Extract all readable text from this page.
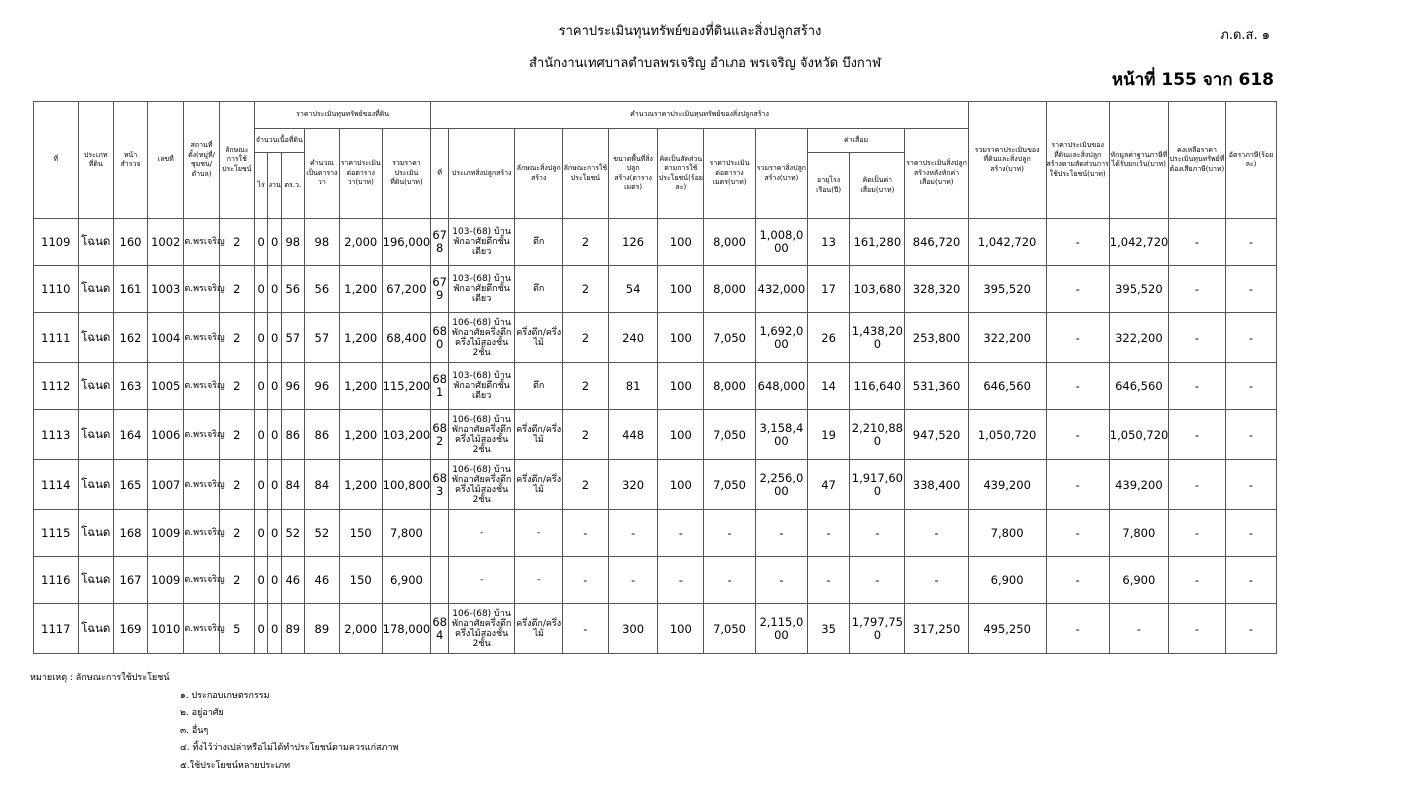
ราคาประเมินทุนทรัพย์ของที่ดินและสิ่งปลูกสร้าง
สำนักงานเทศบาลตำบลพรเจริญ อำเภอ พรเจริญ จังหวัด บึงกาฬ
ภ.ด.ส. ๑
หน้าที่ 155 จาก 618
ที่	ประเภทที่ดิน	หน้าสำรวจ	เลขที่	สถานที่ตั้ง(หมู่ที่/ชุมชน/ตำบล)	ลักษณะการใช้ประโยชน์	ราคาประเมินทุนทรัพย์ของที่ดิน						คำนวณราคาประเมินทุนทรัพย์ของสิ่งปลูกสร้าง											รวมราคาประเมินของที่ดินและสิ่งปลูกสร้าง(บาท)	ราคาประเมินของที่ดินและสิ่งปลูกสร้างตามสัดส่วนการใช้ประโยชน์(บาท)	หักมูลค่าฐานภาษีที่ได้รับยกเว้น(บาท)	คงเหลือราคาประเมินทุนทรัพย์ที่ต้องเสียภาษี(บาท)	อัตราภาษี(ร้อยละ)
						จำนวนเนื้อที่ดิน			คำนวณเป็นตารางวา	ราคาประเมินต่อตารางวา(บาท)	รวมราคาประเมินที่ดิน(บาท)	ที่	ประเภทสิ่งปลูกสร้าง	ลักษณะสิ่งปลูกสร้าง	ลักษณะการใช้ประโยชน์	ขนาดพื้นที่สิ่งปลูกสร้าง(ตารางเมตร)	คิดเป็นสัดส่วนตามการใช้ประโยชน์(ร้อยละ)	ราคาประเมินต่อตารางเมตร(บาท)	รวมราคาสิ่งปลูกสร้าง(บาท)	ค่าเสื่อม		ราคาประเมินสิ่งปลูกสร้างหลังหักค่าเสื่อม(บาท)					
						ไร่	งาน	ตร.ว.												อายุโรงเรือน(ปี)	คิดเป็นค่าเสื่อม(บาท)						
1109	โฉนด	160	1002	ต.พรเจริญ	2	0	0	98	98	2,000	196,000	678	103-(68) บ้านพักอาศัยตึกชั้นเดียว	ตึก	2	126	100	8,000	1,008,000	13	161,280	846,720	1,042,720	-	1,042,720	-	-
1110	โฉนด	161	1003	ต.พรเจริญ	2	0	0	56	56	1,200	67,200	679	103-(68) บ้านพักอาศัยตึกชั้นเดียว	ตึก	2	54	100	8,000	432,000	17	103,680	328,320	395,520	-	395,520	-	-
1111	โฉนด	162	1004	ต.พรเจริญ	2	0	0	57	57	1,200	68,400	680	106-(68) บ้านพักอาศัยครึ่งตึกครึ่งไม้สองชั้น 2ชั้น	ครึ่งตึก/ครึ่งไม้	2	240	100	7,050	1,692,000	26	1,438,200	253,800	322,200	-	322,200	-	-
1112	โฉนด	163	1005	ต.พรเจริญ	2	0	0	96	96	1,200	115,200	681	103-(68) บ้านพักอาศัยตึกชั้นเดียว	ตึก	2	81	100	8,000	648,000	14	116,640	531,360	646,560	-	646,560	-	-
1113	โฉนด	164	1006	ต.พรเจริญ	2	0	0	86	86	1,200	103,200	682	106-(68) บ้านพักอาศัยครึ่งตึกครึ่งไม้สองชั้น 2ชั้น	ครึ่งตึก/ครึ่งไม้	2	448	100	7,050	3,158,400	19	2,210,880	947,520	1,050,720	-	1,050,720	-	-
1114	โฉนด	165	1007	ต.พรเจริญ	2	0	0	84	84	1,200	100,800	683	106-(68) บ้านพักอาศัยครึ่งตึกครึ่งไม้สองชั้น 2ชั้น	ครึ่งตึก/ครึ่งไม้	2	320	100	7,050	2,256,000	47	1,917,600	338,400	439,200	-	439,200	-	-
1115	โฉนด	168	1009	ต.พรเจริญ	2	0	0	52	52	150	7,800		-	-	-	-	-	-	-	-	-	-	7,800	-	7,800	-	-
1116	โฉนด	167	1009	ต.พรเจริญ	2	0	0	46	46	150	6,900		-	-	-	-	-	-	-	-	-	-	6,900	-	6,900	-	-
1117	โฉนด	169	1010	ต.พรเจริญ	5	0	0	89	89	2,000	178,000	684	106-(68) บ้านพักอาศัยครึ่งตึกครึ่งไม้สองชั้น 2ชั้น	ครึ่งตึก/ครึ่งไม้	-	300	100	7,050	2,115,000	35	1,797,750	317,250	495,250	-	-	-	-
หมายเหตุ : ลักษณะการใช้ประโยชน์
๑. ประกอบเกษตรกรรม
๒. อยู่อาศัย
๓. อื่นๆ
๔. ทิ้งไว้ว่างเปล่าหรือไม่ได้ทำประโยชน์ตามควรแก่สภาพ
๕.ใช้ประโยชน์หลายประเภท
